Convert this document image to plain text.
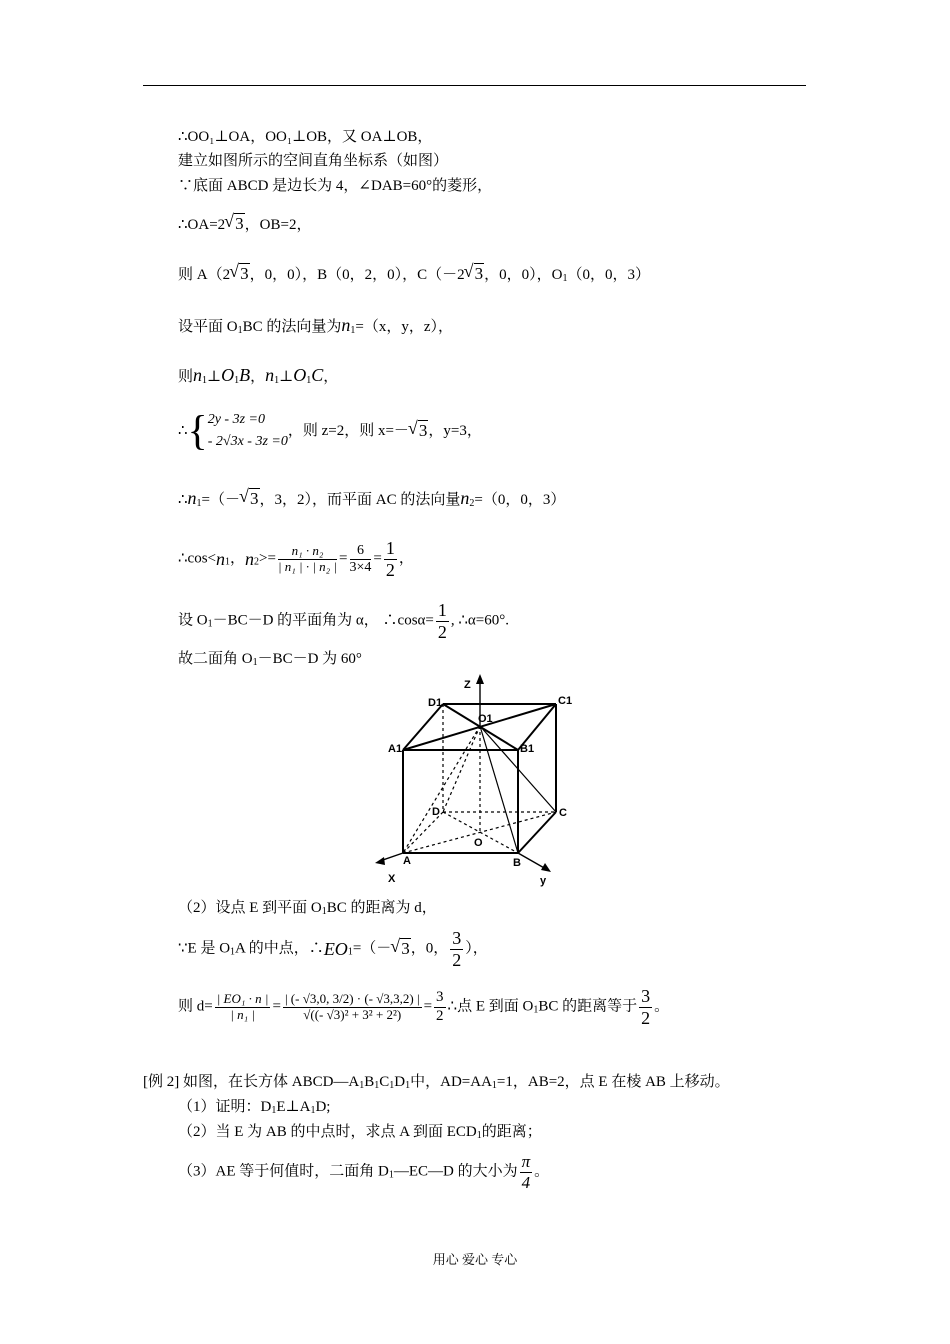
∴OO₁⊥OA，OO₁⊥OB，又 OA⊥OB，
建立如图所示的空间直角坐标系（如图）
∵底面 ABCD 是边长为 4，∠DAB=60°的菱形，
∴OA=2 √ 3，OB=2，
则 A（2 √ 3，0，0），B（0，2，0），C（－2 √ 3，0，0），O1（0，0，3）
设平面 O1BC 的法向量为n1=（x，y，z），
则n1⊥O1B，n1⊥O1C，
∴{ 2y - 3z =0
- 2√3x - 3z =0
，则 z=2，则 x=－ √ 3，y=3，
∴n1=（－ √ 3，3，2），而平面 AC 的法向量n2=（0，0，3）
∴cos<n1，$n2>= \frac{\text{n₁ · n₂}}{\text{| n₁ | · | n₂ |}} = \frac{6}{3\times 4} = \frac{1}{2}$ ，
设 O1－BC－D 的平面角为 α， ∴cosα= $\frac{1}{2}$ , ∴α=60°.
故二面角 O1－BC－D 为 60°
Z
D1	C1
O1
A1	B1
D	C
O
A	B
X	y
（2）设点 E 到平面 O1BC 的距离为 d，
∵E 是 O1A 的中点，∴EO1=（－ √ 3，0， $\frac{3}{2}$ ），
则 $d= \frac{\text{| EO₁ · n |}}{\text{| n₁ |}} = \frac{| (- √3,0, 3/2) \cdot (- √3,3,2) |}{\text{√((- √3)² + 3² + 2²)}} = \frac{3}{2}$ ∴点 E 到面 O1BC 的距离等于 $\frac{3}{2}$ 。
[例 2] 如图，在长方体 ABCD—A1B1C1D1中，AD=AA1=1，AB=2，点 E 在棱 AB 上移动。
（1）证明：D1E⊥A1D;
（2）当 E 为 AB 的中点时，求点 A 到面 ECD1的距离；
（3）AE 等于何值时，二面角 D1—EC—D 的大小为 $\frac{\pi}{4}$ 。
用心 爱心 专心
